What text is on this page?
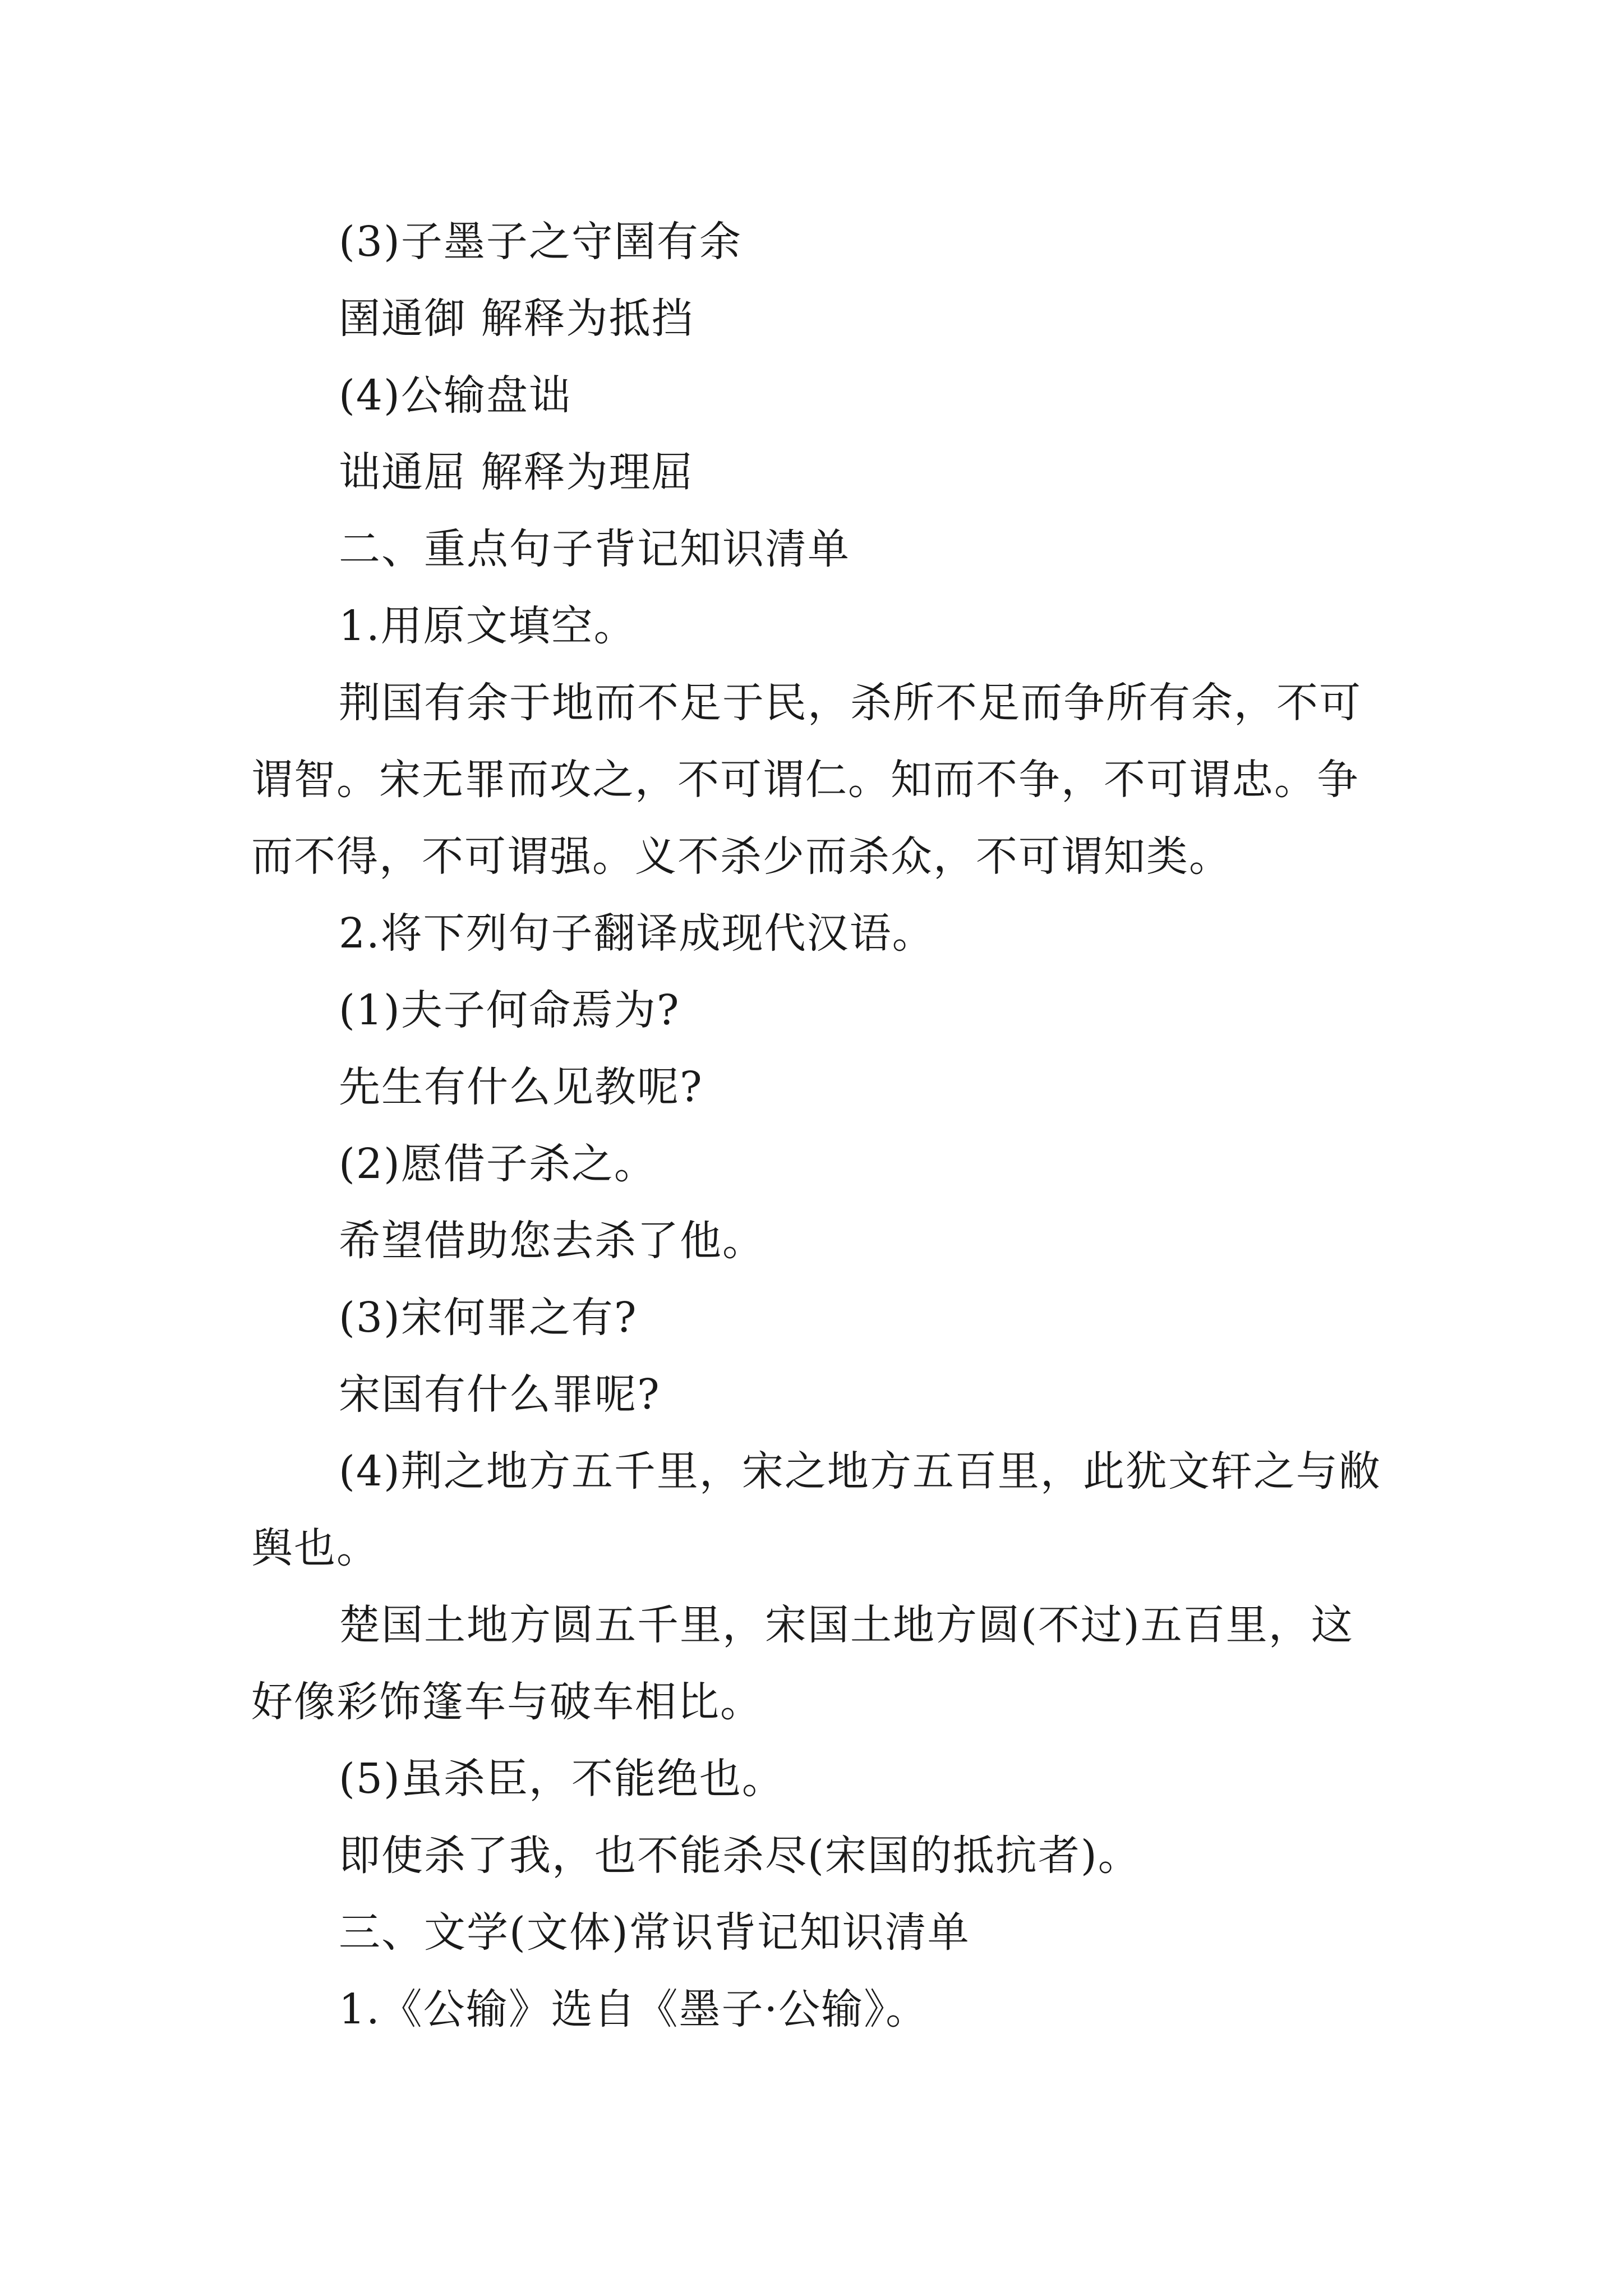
(3)子墨子之守圉有余

圉通御 解释为抵挡

(4)公输盘诎

诎通屈 解释为理屈

二、重点句子背记知识清单

1.用原文填空。

荆国有余于地而不足于民，杀所不足而争所有余，不可谓智。宋无罪而攻之，不可谓仁。知而不争，不可谓忠。争而不得，不可谓强。义不杀少而杀众，不可谓知类。

2.将下列句子翻译成现代汉语。

(1)夫子何命焉为?

先生有什么见教呢?

(2)愿借子杀之。

希望借助您去杀了他。

(3)宋何罪之有?

宋国有什么罪呢?

(4)荆之地方五千里，宋之地方五百里，此犹文轩之与敝舆也。

楚国土地方圆五千里，宋国土地方圆(不过)五百里，这好像彩饰篷车与破车相比。

(5)虽杀臣，不能绝也。

即使杀了我，也不能杀尽(宋国的抵抗者)。

三、文学(文体)常识背记知识清单

1.《公输》选自《墨子·公输》。
